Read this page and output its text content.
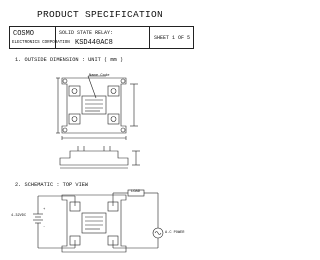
PRODUCT SPECIFICATION
COSMO
ELECTRONICS CORPORATION
SOLID STATE RELAY:
KSD440AC8
SHEET 1 OF 5
1. OUTSIDE DIMENSION : UNIT ( mm )
Name Code
2. SCHEMATIC : TOP VIEW
LOAD
4-32VDC
A.C POWER
+
-
